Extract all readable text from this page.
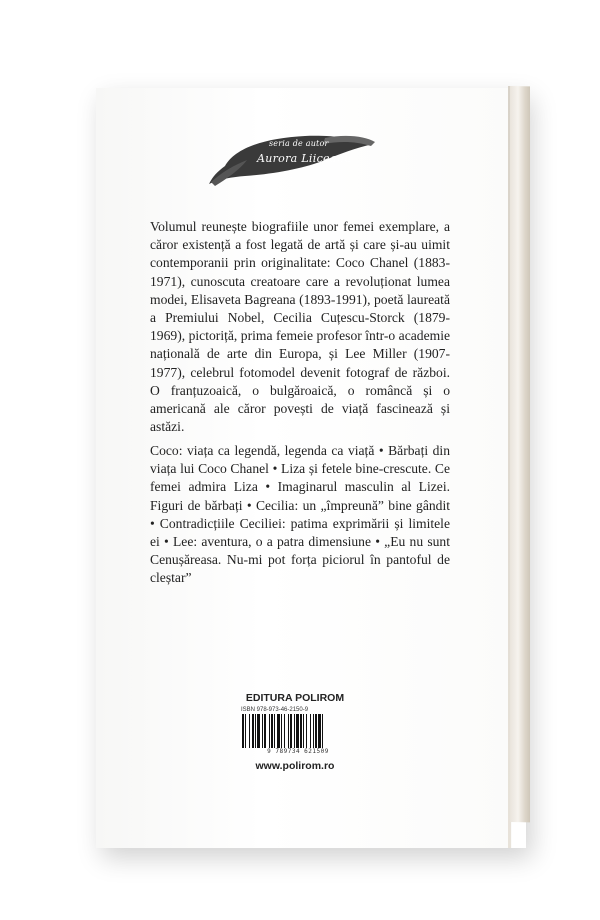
seria de autor
Aurora Liiceanu

Volumul reunește biografiile unor femei exemplare, a căror existență a fost legată de artă și care și-au uimit contemporanii prin originalitate: Coco Chanel (1883-1971), cunoscuta creatoare care a revoluționat lumea modei, Elisaveta Bagreana (1893-1991), poetă laureată a Premiului Nobel, Cecilia Cuțescu-Storck (1879-1969), pictoriță, prima femeie profesor într-o academie națională de arte din Europa, și Lee Miller (1907-1977), celebrul fotomodel devenit fotograf de război. O franțuzoaică, o bulgăroaică, o româncă și o americană ale căror povești de viață fascinează și astăzi.

Coco: viața ca legendă, legenda ca viață • Bărbați din viața lui Coco Chanel • Liza și fetele bine-crescute. Ce femei admira Liza • Imaginarul masculin al Lizei. Figuri de bărbați • Cecilia: un „împreună” bine gândit • Contradicțiile Ceciliei: patima exprimării și limitele ei • Lee: aventura, o a patra dimensiune • „Eu nu sunt Cenușăreasa. Nu-mi pot forța piciorul în pantoful de cleștar”

EDITURA POLIROM
ISBN 978-973-46-2150-9
9 789734 621509
www.polirom.ro
